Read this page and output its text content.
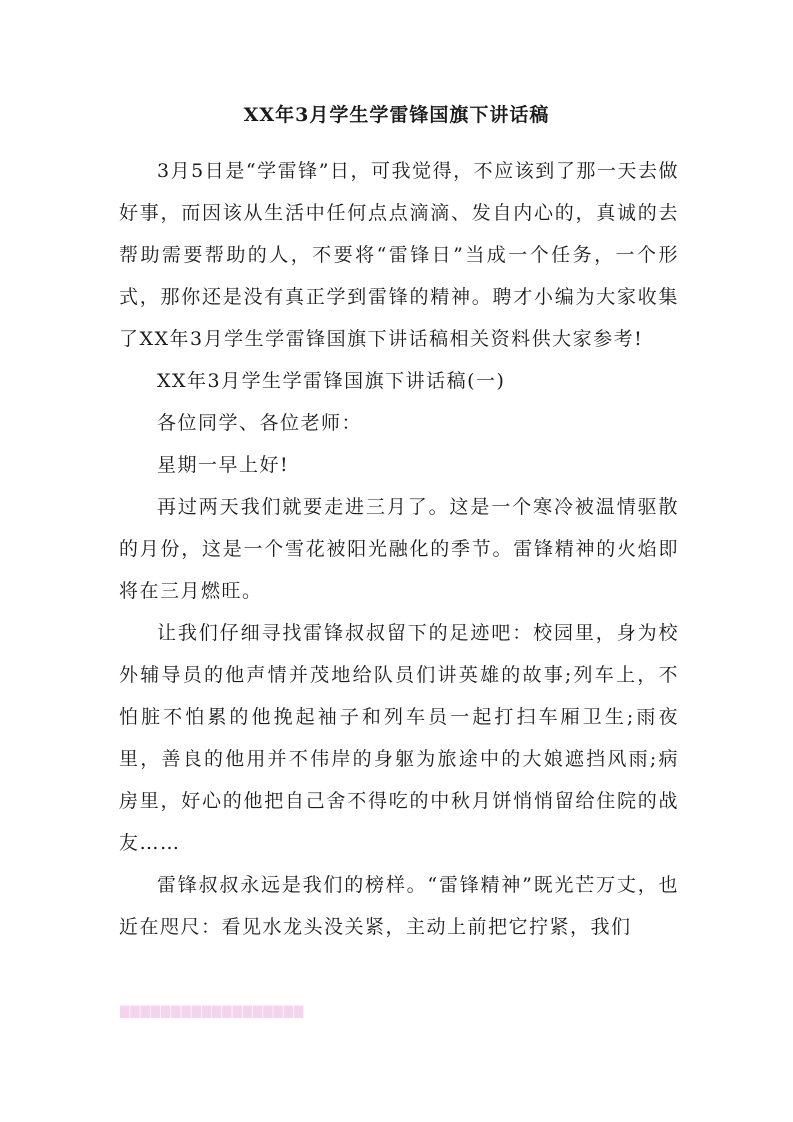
XX年3月学生学雷锋国旗下讲话稿

3月5日是“学雷锋”日，可我觉得，不应该到了那一天去做好事，而因该从生活中任何点点滴滴、发自内心的，真诚的去帮助需要帮助的人，不要将“雷锋日”当成一个任务，一个形式，那你还是没有真正学到雷锋的精神。聘才小编为大家收集了XX年3月学生学雷锋国旗下讲话稿相关资料供大家参考!

XX年3月学生学雷锋国旗下讲话稿(一)

各位同学、各位老师：

星期一早上好!

再过两天我们就要走进三月了。这是一个寒冷被温情驱散的月份，这是一个雪花被阳光融化的季节。雷锋精神的火焰即将在三月燃旺。

让我们仔细寻找雷锋叔叔留下的足迹吧：校园里，身为校外辅导员的他声情并茂地给队员们讲英雄的故事;列车上，不怕脏不怕累的他挽起袖子和列车员一起打扫车厢卫生;雨夜里，善良的他用并不伟岸的身躯为旅途中的大娘遮挡风雨;病房里，好心的他把自己舍不得吃的中秋月饼悄悄留给住院的战友……

雷锋叔叔永远是我们的榜样。“雷锋精神”既光芒万丈，也近在咫尺：看见水龙头没关紧，主动上前把它拧紧，我们

▇▇▇▇▇▇▇▇▇▇▇▇▇▇▇▇▇▇
